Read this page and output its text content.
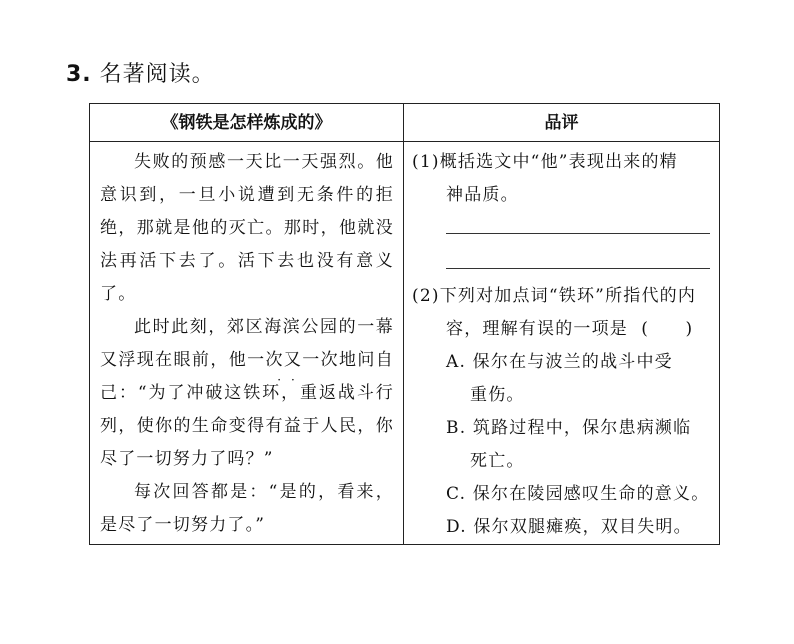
3. 名著阅读。
《钢铁是怎样炼成的》	品评

失败的预感一天比一天强烈。他意识到，一旦小说遭到无条件的拒绝，那就是他的灭亡。那时，他就没法再活下去了。活下去也没有意义了。

此时此刻，郊区海滨公园的一幕又浮现在眼前，他一次又一次地问自己：“为了冲破这
··
铁环，重返战斗行列，使你的生命变得有益于人民，你尽了一切努力了吗？”

每次回答都是：“是的，看来，是尽了一切努力了。”

(1)概括选文中“他”表现出来的精
神品质。
(2)下列对加点词“铁环”所指代的内
容，理解有误的一项是 (　　)
A. 保尔在与波兰的战斗中受
重伤。
B. 筑路过程中，保尔患病濒临
死亡。
C. 保尔在陵园感叹生命的意义。
D. 保尔双腿瘫痪，双目失明。
